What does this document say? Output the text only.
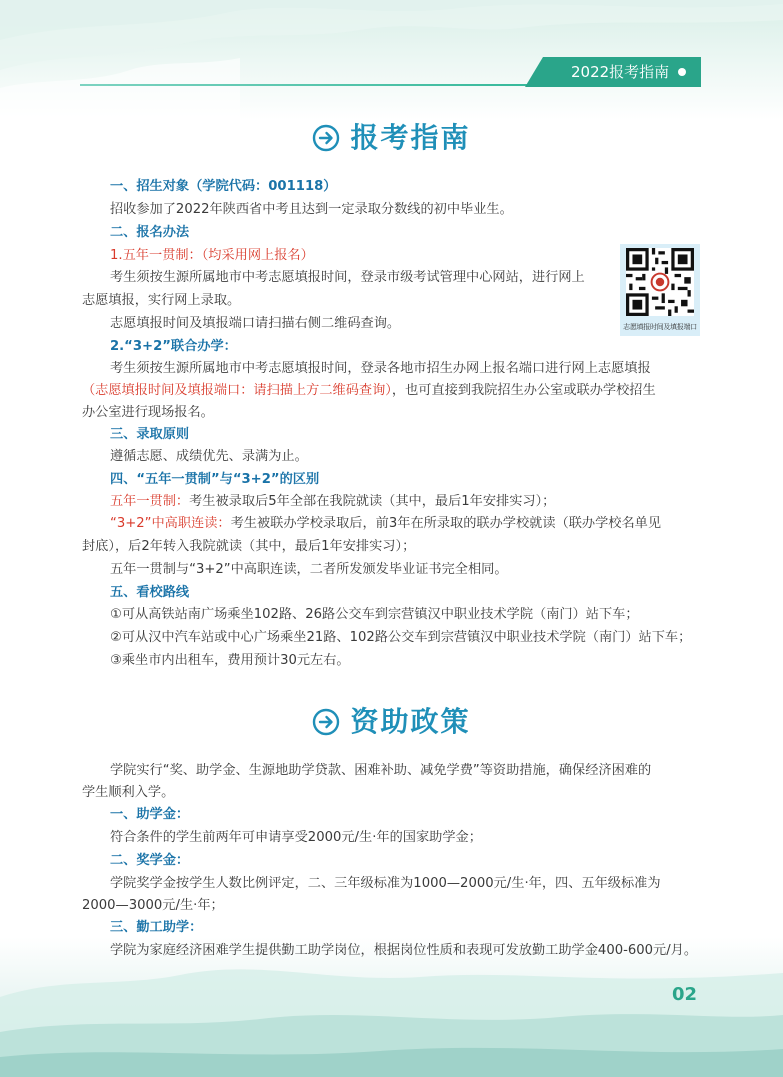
2022报考指南
报考指南
一、招生对象（学院代码：001118）
招收参加了2022年陕西省中考且达到一定录取分数线的初中毕业生。
二、报名办法
1.五年一贯制：（均采用网上报名）
考生须按生源所属地市中考志愿填报时间，登录市级考试管理中心网站，进行网上
志愿填报，实行网上录取。
志愿填报时间及填报端口请扫描右侧二维码查询。	志愿填报时间及填报端口
2.“3+2”联合办学：
考生须按生源所属地市中考志愿填报时间，登录各地市招生办网上报名端口进行网上志愿填报
（志愿填报时间及填报端口：请扫描上方二维码查询），也可直接到我院招生办公室或联办学校招生
办公室进行现场报名。
三、录取原则
遵循志愿、成绩优先、录满为止。
四、“五年一贯制”与“3+2”的区别
五年一贯制：考生被录取后5年全部在我院就读（其中，最后1年安排实习）；
“3+2”中高职连读：考生被联办学校录取后，前3年在所录取的联办学校就读（联办学校名单见
封底），后2年转入我院就读（其中，最后1年安排实习）；
五年一贯制与“3+2”中高职连读，二者所发颁发毕业证书完全相同。
五、看校路线
①可从高铁站南广场乘坐102路、26路公交车到宗营镇汉中职业技术学院（南门）站下车；
②可从汉中汽车站或中心广场乘坐21路、102路公交车到宗营镇汉中职业技术学院（南门）站下车；
③乘坐市内出租车，费用预计30元左右。
资助政策
学院实行“奖、助学金、生源地助学贷款、困难补助、减免学费”等资助措施，确保经济困难的
学生顺利入学。
一、助学金：
符合条件的学生前两年可申请享受2000元/生·年的国家助学金；
二、奖学金：
学院奖学金按学生人数比例评定，二、三年级标准为1000—2000元/生·年，四、五年级标准为
2000—3000元/生·年；
三、勤工助学：
学院为家庭经济困难学生提供勤工助学岗位，根据岗位性质和表现可发放勤工助学金400-600元/月。
02
